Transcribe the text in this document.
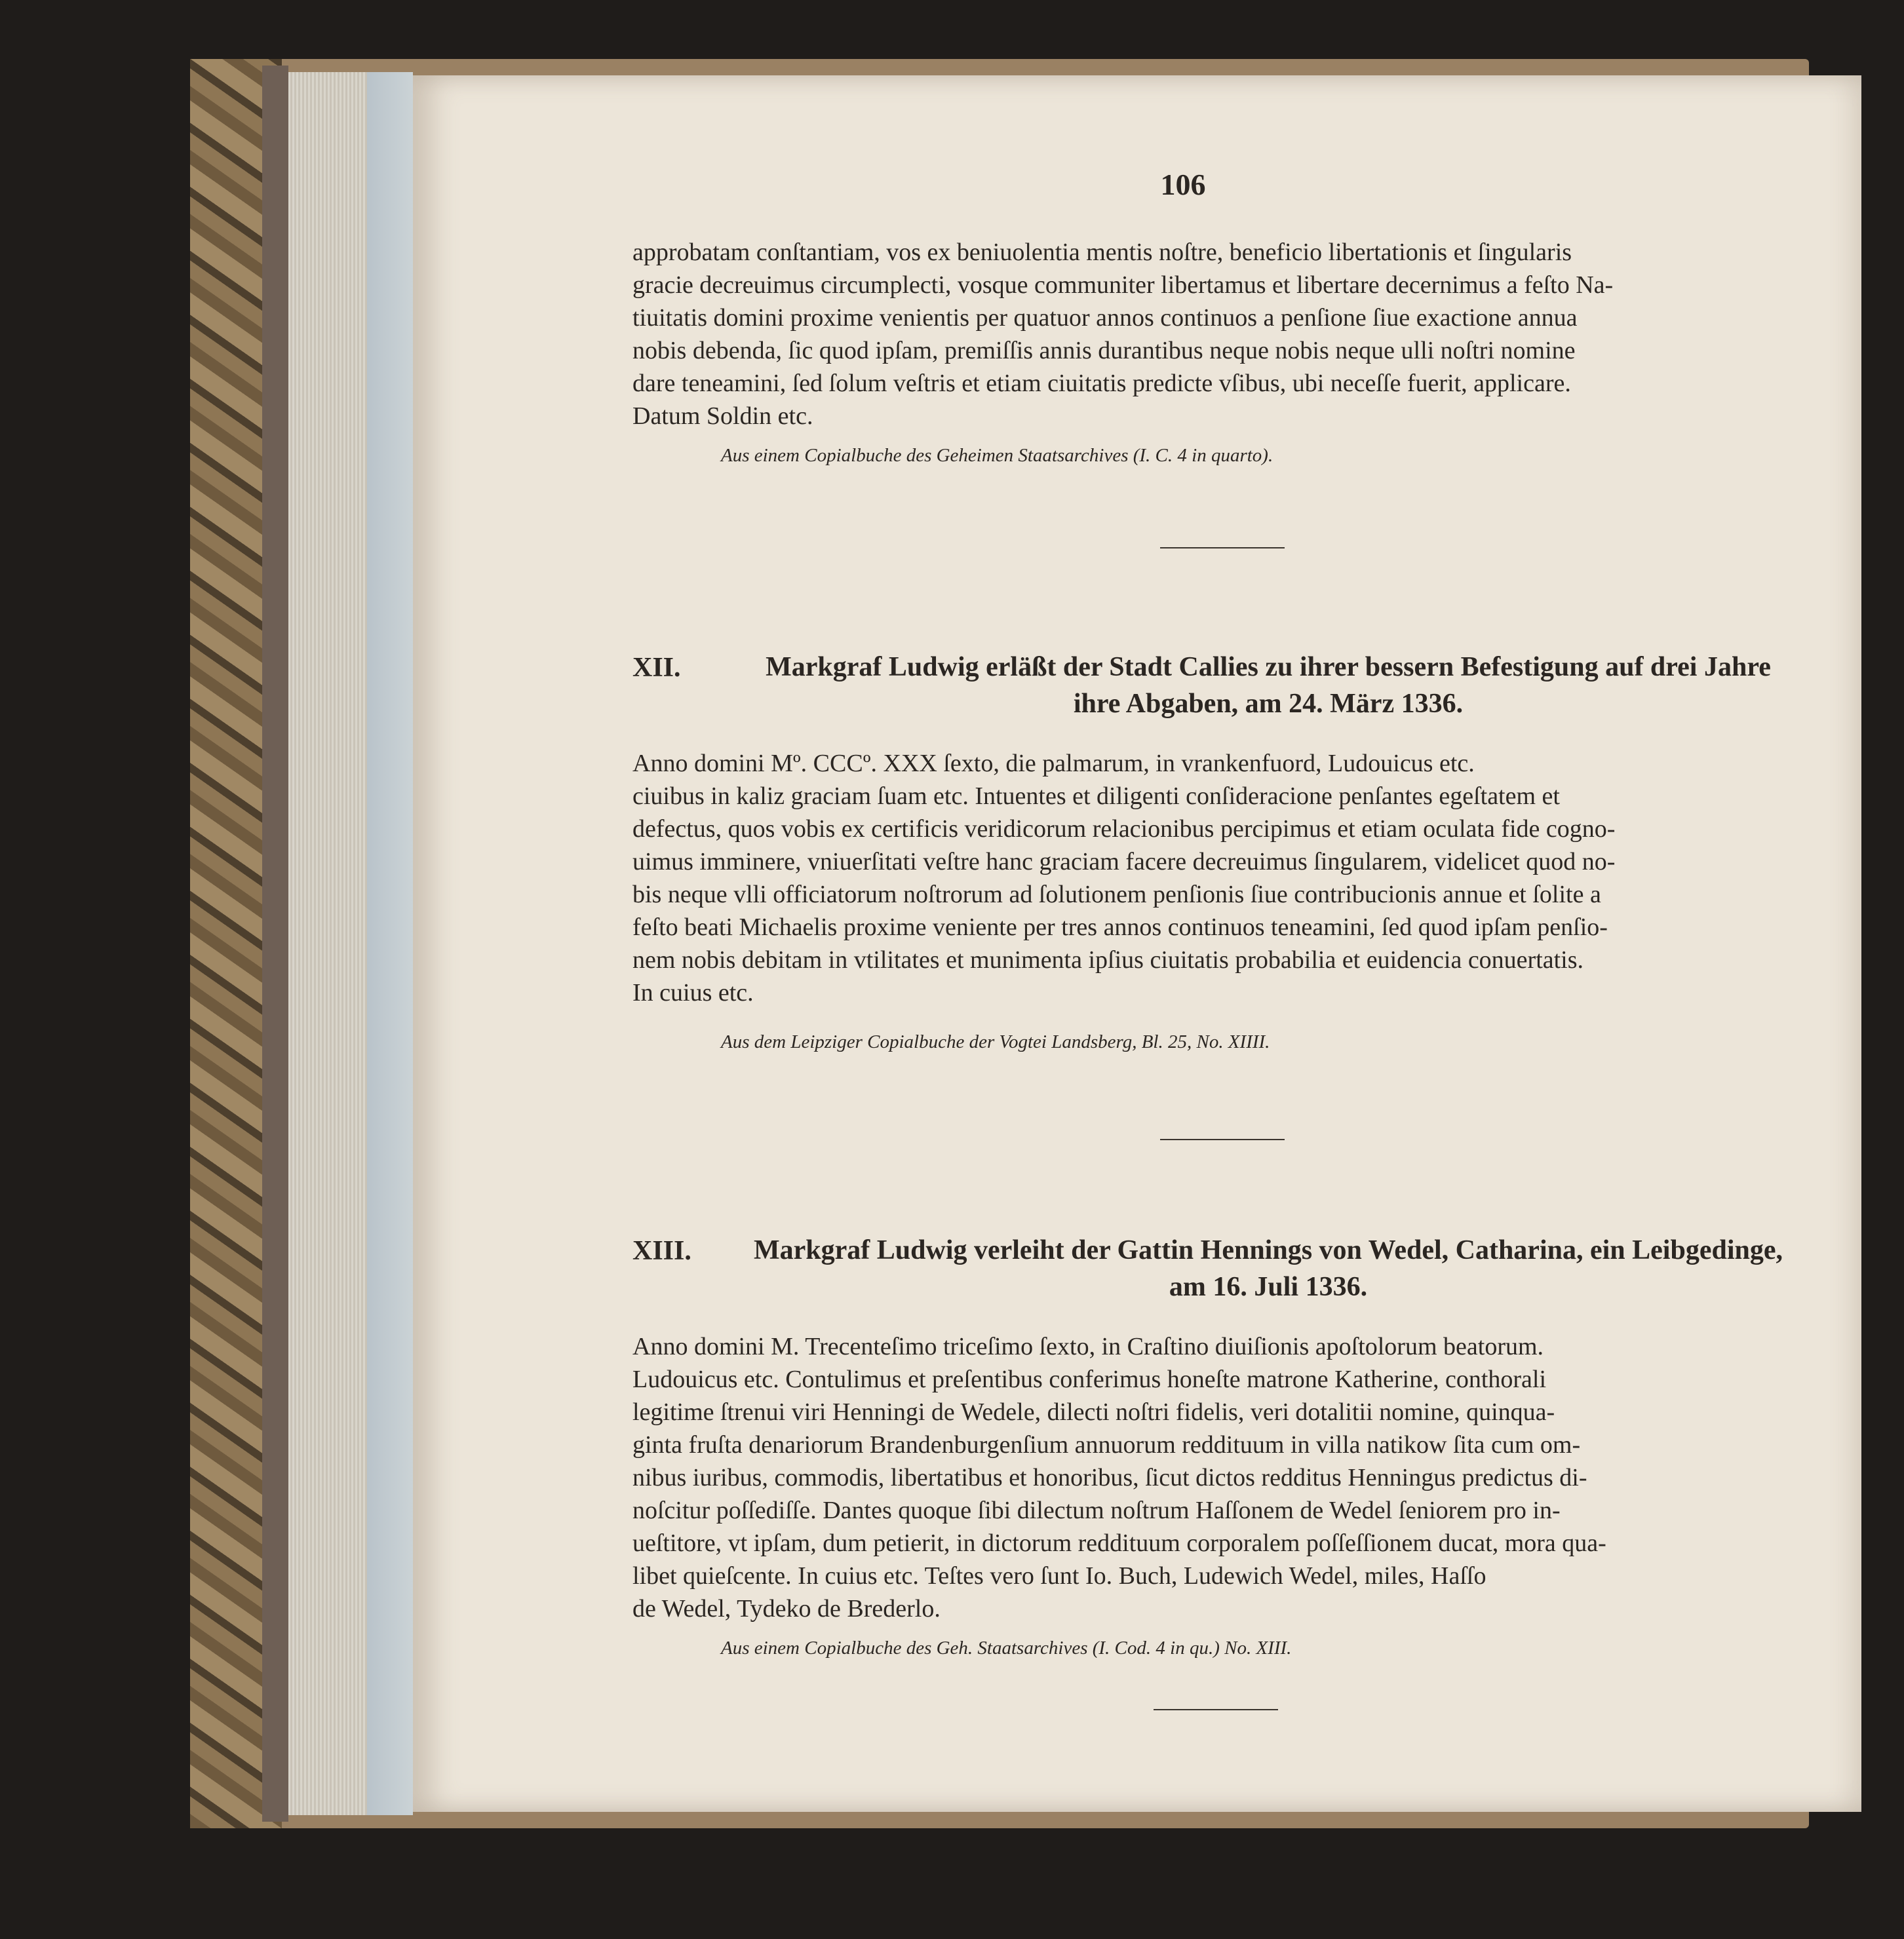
106
approbatam conſtantiam, vos ex beniuolentia mentis noſtre, beneficio libertationis et ſingularis
gracie decreuimus circumplecti, vosque communiter libertamus et libertare decernimus a feſto Na-
tiuitatis domini proxime venientis per quatuor annos continuos a penſione ſiue exactione annua
nobis debenda, ſic quod ipſam, premiſſis annis durantibus neque nobis neque ulli noſtri nomine
dare teneamini, ſed ſolum veſtris et etiam ciuitatis predicte vſibus, ubi neceſſe fuerit, applicare.
Datum Soldin etc.
Aus einem Copialbuche des Geheimen Staatsarchives (I. C. 4 in quarto).
XII.	Markgraf Ludwig erläßt der Stadt Callies zu ihrer bessern Befestigung auf drei Jahre
ihre Abgaben, am 24. März 1336.
Anno domini Mº. CCCº. XXX ſexto, die palmarum, in vrankenfuord, Ludouicus etc.
ciuibus in kaliz graciam ſuam etc. Intuentes et diligenti conſideracione penſantes egeſtatem et
defectus, quos vobis ex certificis veridicorum relacionibus percipimus et etiam oculata fide cogno-
uimus imminere, vniuerſitati veſtre hanc graciam facere decreuimus ſingularem, videlicet quod no-
bis neque vlli officiatorum noſtrorum ad ſolutionem penſionis ſiue contribucionis annue et ſolite a
feſto beati Michaelis proxime veniente per tres annos continuos teneamini, ſed quod ipſam penſio-
nem nobis debitam in vtilitates et munimenta ipſius ciuitatis probabilia et euidencia conuertatis.
In cuius etc.
Aus dem Leipziger Copialbuche der Vogtei Landsberg, Bl. 25, No. XIIII.
XIII.	Markgraf Ludwig verleiht der Gattin Hennings von Wedel, Catharina, ein Leibgedinge,
am 16. Juli 1336.
Anno domini M. Trecenteſimo triceſimo ſexto, in Craſtino diuiſionis apoſtolorum beatorum.
Ludouicus etc. Contulimus et preſentibus conferimus honeſte matrone Katherine, conthorali
legitime ſtrenui viri Henningi de Wedele, dilecti noſtri fidelis, veri dotalitii nomine, quinqua-
ginta fruſta denariorum Brandenburgenſium annuorum reddituum in villa natikow ſita cum om-
nibus iuribus, commodis, libertatibus et honoribus, ſicut dictos redditus Henningus predictus di-
noſcitur poſſediſſe. Dantes quoque ſibi dilectum noſtrum Haſſonem de Wedel ſeniorem pro in-
ueſtitore, vt ipſam, dum petierit, in dictorum reddituum corporalem poſſeſſionem ducat, mora qua-
libet quieſcente. In cuius etc. Teſtes vero ſunt Io. Buch, Ludewich Wedel, miles, Haſſo
de Wedel, Tydeko de Brederlo.
Aus einem Copialbuche des Geh. Staatsarchives (I. Cod. 4 in qu.) No. XIII.
